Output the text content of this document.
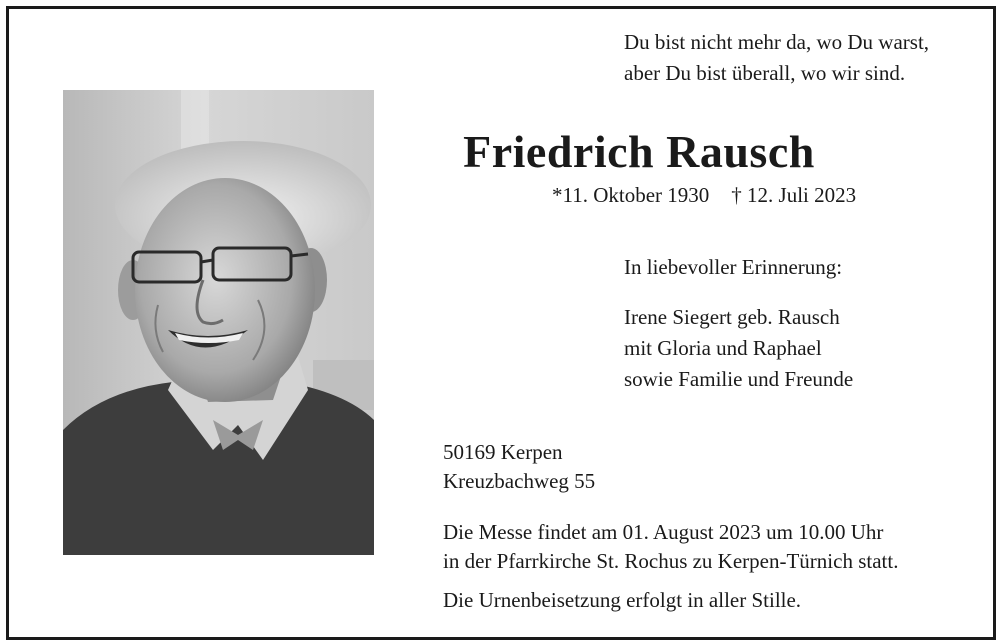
Du bist nicht mehr da, wo Du warst,
aber Du bist überall, wo wir sind.
Friedrich Rausch
*11. Oktober 1930 † 12. Juli 2023
In liebevoller Erinnerung:
Irene Siegert geb. Rausch
mit Gloria und Raphael
sowie Familie und Freunde
50169 Kerpen
Kreuzbachweg 55
Die Messe findet am 01. August 2023 um 10.00 Uhr
in der Pfarrkirche St. Rochus zu Kerpen-Türnich statt.
Die Urnenbeisetzung erfolgt in aller Stille.
